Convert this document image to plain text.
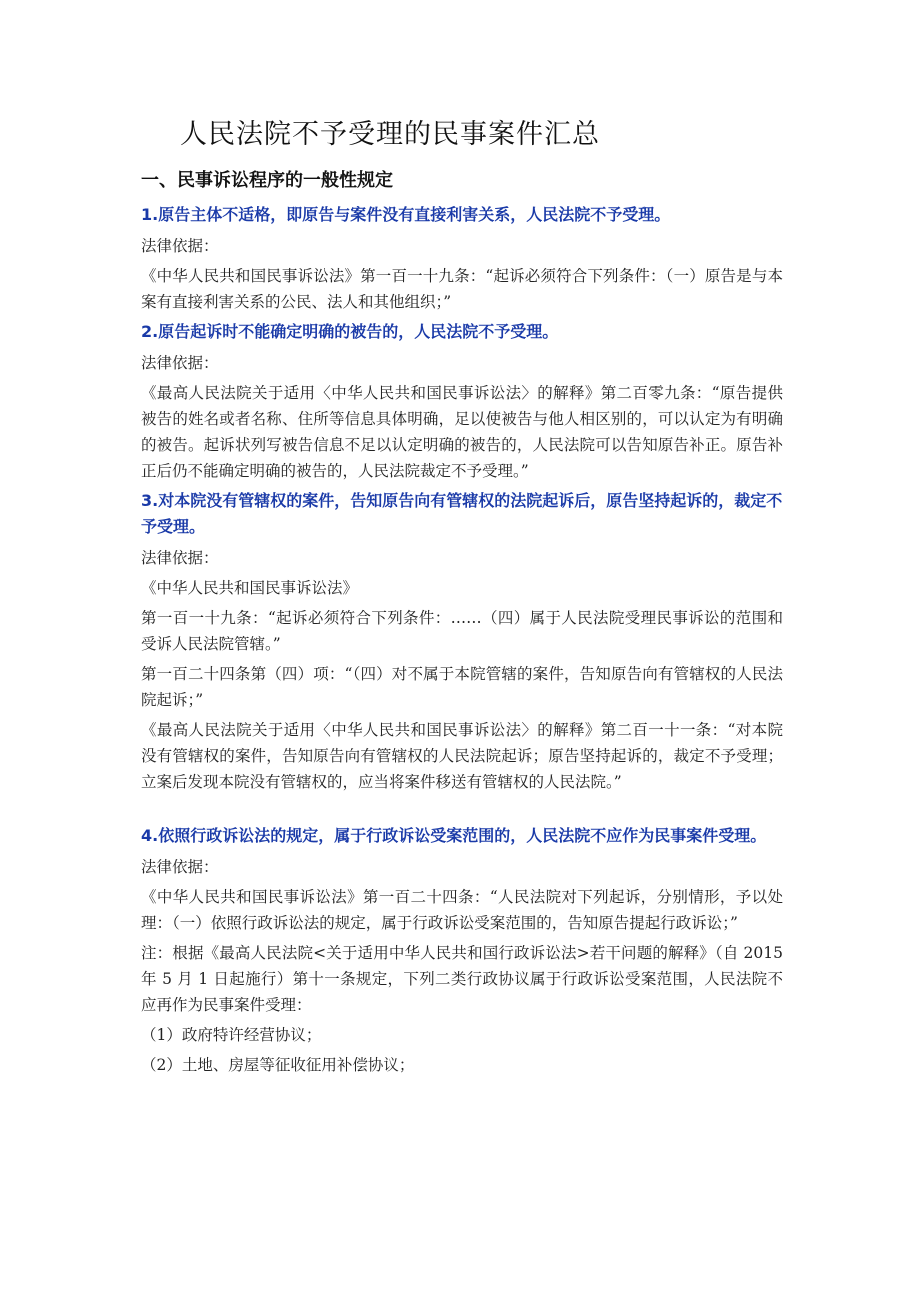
人民法院不予受理的民事案件汇总
一、民事诉讼程序的一般性规定
1.原告主体不适格，即原告与案件没有直接利害关系，人民法院不予受理。
法律依据：
《中华人民共和国民事诉讼法》第一百一十九条：“起诉必须符合下列条件：（一）原告是与本案有直接利害关系的公民、法人和其他组织；”
2.原告起诉时不能确定明确的被告的，人民法院不予受理。
法律依据：
《最高人民法院关于适用〈中华人民共和国民事诉讼法〉的解释》第二百零九条：“原告提供被告的姓名或者名称、住所等信息具体明确，足以使被告与他人相区别的，可以认定为有明确的被告。起诉状列写被告信息不足以认定明确的被告的，人民法院可以告知原告补正。原告补正后仍不能确定明确的被告的，人民法院裁定不予受理。”
3.对本院没有管辖权的案件，告知原告向有管辖权的法院起诉后，原告坚持起诉的，裁定不予受理。
法律依据：
《中华人民共和国民事诉讼法》
第一百一十九条：“起诉必须符合下列条件：……（四）属于人民法院受理民事诉讼的范围和受诉人民法院管辖。”
第一百二十四条第（四）项：“（四）对不属于本院管辖的案件，告知原告向有管辖权的人民法院起诉；”
《最高人民法院关于适用〈中华人民共和国民事诉讼法〉的解释》第二百一十一条：“对本院没有管辖权的案件，告知原告向有管辖权的人民法院起诉；原告坚持起诉的，裁定不予受理；立案后发现本院没有管辖权的，应当将案件移送有管辖权的人民法院。”
4.依照行政诉讼法的规定，属于行政诉讼受案范围的，人民法院不应作为民事案件受理。
法律依据：
《中华人民共和国民事诉讼法》第一百二十四条：“人民法院对下列起诉，分别情形，予以处理：（一）依照行政诉讼法的规定，属于行政诉讼受案范围的，告知原告提起行政诉讼；”
注：根据《最高人民法院<关于适用中华人民共和国行政诉讼法>若干问题的解释》（自 2015 年 5 月 1 日起施行）第十一条规定，下列二类行政协议属于行政诉讼受案范围，人民法院不应再作为民事案件受理：
（1）政府特许经营协议；
（2）土地、房屋等征收征用补偿协议；
